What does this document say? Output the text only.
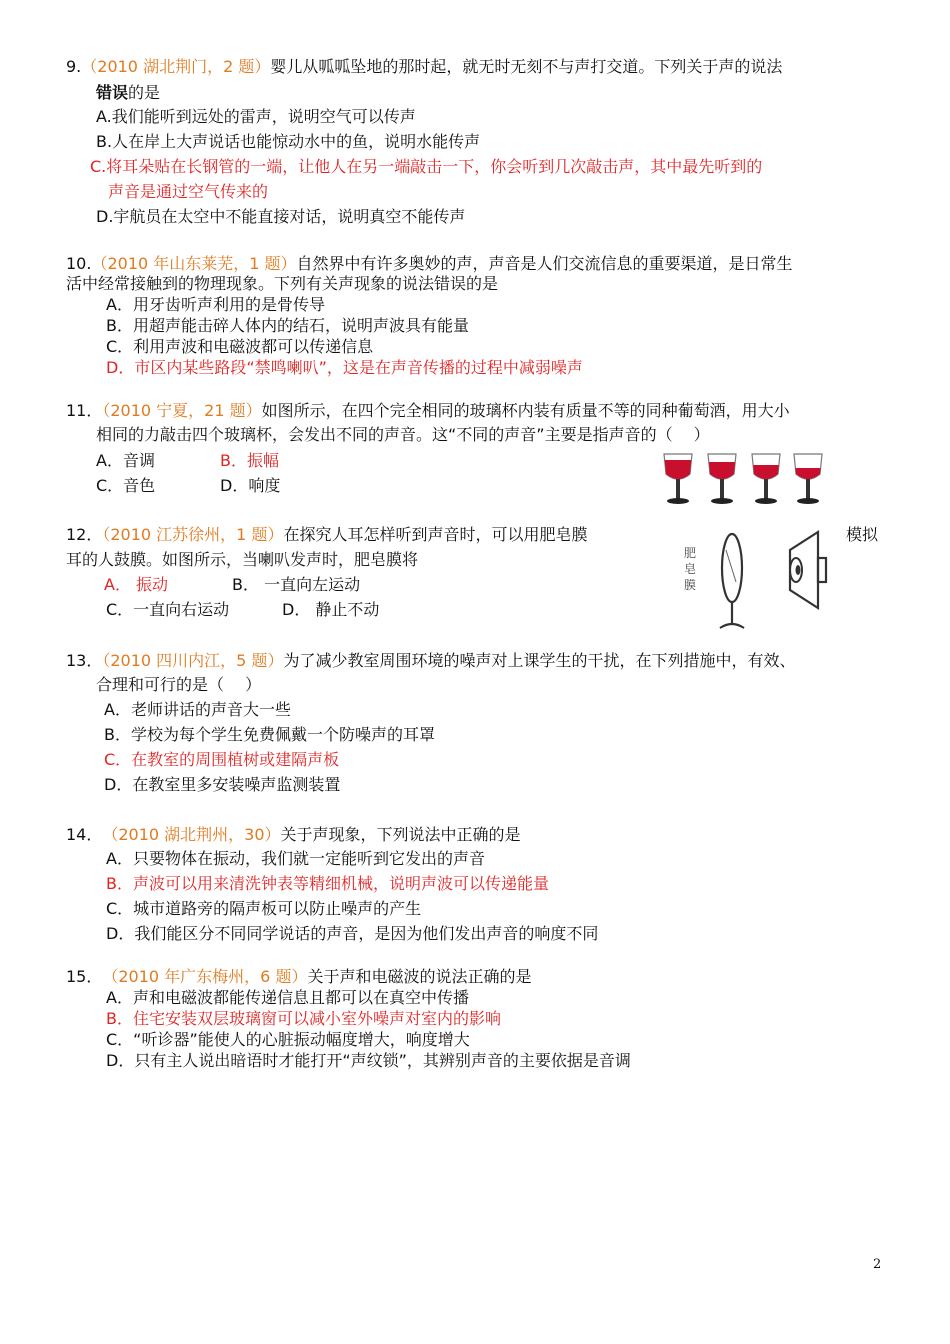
9.（2010 湖北荆门，2 题）婴儿从呱呱坠地的那时起，就无时无刻不与声打交道。下列关于声的说法
错误的是
A.我们能听到远处的雷声，说明空气可以传声
B.人在岸上大声说话也能惊动水中的鱼，说明水能传声
C.将耳朵贴在长钢管的一端，让他人在另一端敲击一下，你会听到几次敲击声，其中最先听到的
声音是通过空气传来的
D.宇航员在太空中不能直接对话，说明真空不能传声
10.（2010 年山东莱芜，1 题）自然界中有许多奥妙的声，声音是人们交流信息的重要渠道，是日常生
活中经常接触到的物理现象。下列有关声现象的说法错误的是
A．用牙齿听声利用的是骨传导
B．用超声能击碎人体内的结石，说明声波具有能量
C．利用声波和电磁波都可以传递信息
D．市区内某些路段“禁鸣喇叭”，这是在声音传播的过程中减弱噪声
11．（2010 宁夏，21 题）如图所示，在四个完全相同的玻璃杯内装有质量不等的同种葡萄酒，用大小
相同的力敲击四个玻璃杯，会发出不同的声音。这“不同的声音”主要是指声音的（　 ）
A．音调	B．振幅
C．音色	D．响度
12．（2010 江苏徐州，1 题）在探究人耳怎样听到声音时，可以用肥皂膜	模拟
耳的人鼓膜。如图所示，当喇叭发声时，肥皂膜将
A． 振动	B． 一直向左运动
C．一直向右运动	D． 静止不动
肥
皂
膜
13．（2010 四川内江，5 题）为了减少教室周围环境的噪声对上课学生的干扰，在下列措施中，有效、
合理和可行的是（　 ）
A．老师讲话的声音大一些
B．学校为每个学生免费佩戴一个防噪声的耳罩
C．在教室的周围植树或建隔声板
D．在教室里多安装噪声监测装置
14． （2010 湖北荆州，30）关于声现象，下列说法中正确的是
A．只要物体在振动，我们就一定能听到它发出的声音
B．声波可以用来清洗钟表等精细机械，说明声波可以传递能量
C．城市道路旁的隔声板可以防止噪声的产生
D．我们能区分不同同学说话的声音，是因为他们发出声音的响度不同
15． （2010 年广东梅州，6 题）关于声和电磁波的说法正确的是
A．声和电磁波都能传递信息且都可以在真空中传播
B．住宅安装双层玻璃窗可以减小室外噪声对室内的影响
C．“听诊器”能使人的心脏振动幅度增大，响度增大
D．只有主人说出暗语时才能打开“声纹锁”，其辨别声音的主要依据是音调
2
